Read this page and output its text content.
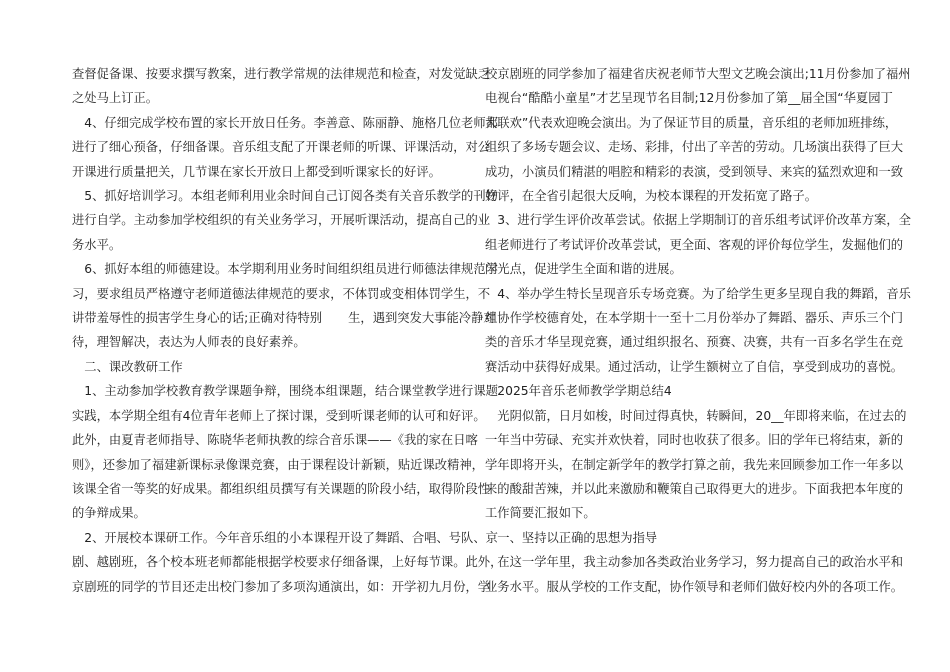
查督促备课、按要求撰写教案，进行教学常规的法律规范和检查，对发觉缺乏
之处马上订正。
　4、仔细完成学校布置的家长开放日任务。李善意、陈丽静、施格几位老师都
进行了细心预备，仔细备课。音乐组支配了开课老师的听课、评课活动，对公
开课进行质量把关，几节课在家长开放日上都受到听课家长的好评。
　5、抓好培训学习。本组老师利用业余时间自己订阅各类有关音乐教学的刊物
进行自学。主动参加学校组织的有关业务学习，开展听课活动，提高自己的业
务水平。
　6、抓好本组的师德建设。本学期利用业务时间组织组员进行师德法律规范学
习，要求组员严格遵守老师道德法律规范的要求，不体罚或变相体罚学生，不
讲带羞辱性的损害学生身心的话;正确对待特别 生，遇到突发大事能冷静对
待，理智解决，表达为人师表的良好素养。
　二、课改教研工作
　1、主动参加学校教育教学课题争辩，围绕本组课题，结合课堂教学进行课题
实践，本学期全组有4位青年老师上了探讨课，受到听课老师的认可和好评。
此外，由夏青老师指导、陈晓华老师执教的综合音乐课——《我的家在日喀
则》，还参加了福建新课标录像课竞赛，由于课程设计新颖，贴近课改精神，
该课全省一等奖的好成果。都组织组员撰写有关课题的阶段小结，取得阶段性
的争辩成果。
　2、开展校本课研工作。今年音乐组的小本课程开设了舞蹈、合唱、号队、京
剧、越剧班，各个校本班老师都能根据学校要求仔细备课，上好每节课。此外，
京剧班的同学的节目还走出校门参加了多项沟通演出，如：开学初九月份，学
校京剧班的同学参加了福建省庆祝老师节大型文艺晚会演出;11月份参加了福州
电视台“酷酷小童星”才艺呈现节名目制;12月份参加了第__届全国“华夏园丁
大联欢”代表欢迎晚会演出。为了保证节目的质量，音乐组的老师加班排练，
组织了多场专题会议、走场、彩排，付出了辛苦的劳动。几场演出获得了巨大
成功，小演员们精湛的唱腔和精彩的表演，受到领导、来宾的猛烈欢迎和一致
好评，在全省引起很大反响，为校本课程的开发拓宽了路子。
　3、进行学生评价改革尝试。依据上学期制订的音乐组考试评价改革方案，全
组老师进行了考试评价改革尝试，更全面、客观的评价每位学生，发掘他们的
闪光点，促进学生全面和谐的进展。
　4、举办学生特长呈现音乐专场竞赛。为了给学生更多呈现自我的舞蹈，音乐
组协作学校德育处，在本学期十一至十二月份举办了舞蹈、器乐、声乐三个门
类的音乐才华呈现竞赛，通过组织报名、预赛、决赛，共有一百多名学生在竞
赛活动中获得好成果。通过活动，让学生额树立了自信，享受到成功的喜悦。
　2025年音乐老师教学学期总结4
　光阴似箭，日月如梭，时间过得真快，转瞬间，20__年即将来临，在过去的
一年当中劳碌、充实并欢快着，同时也收获了很多。旧的学年已将结束，新的
学年即将开头，在制定新学年的教学打算之前，我先来回顾参加工作一年多以
来的酸甜苦辣，并以此来激励和鞭策自己取得更大的进步。下面我把本年度的
工作简要汇报如下。
　一、坚持以正确的思想为指导
　在这一学年里，我主动参加各类政治业务学习，努力提高自己的政治水平和
业务水平。服从学校的工作支配，协作领导和老师们做好校内外的各项工作。
